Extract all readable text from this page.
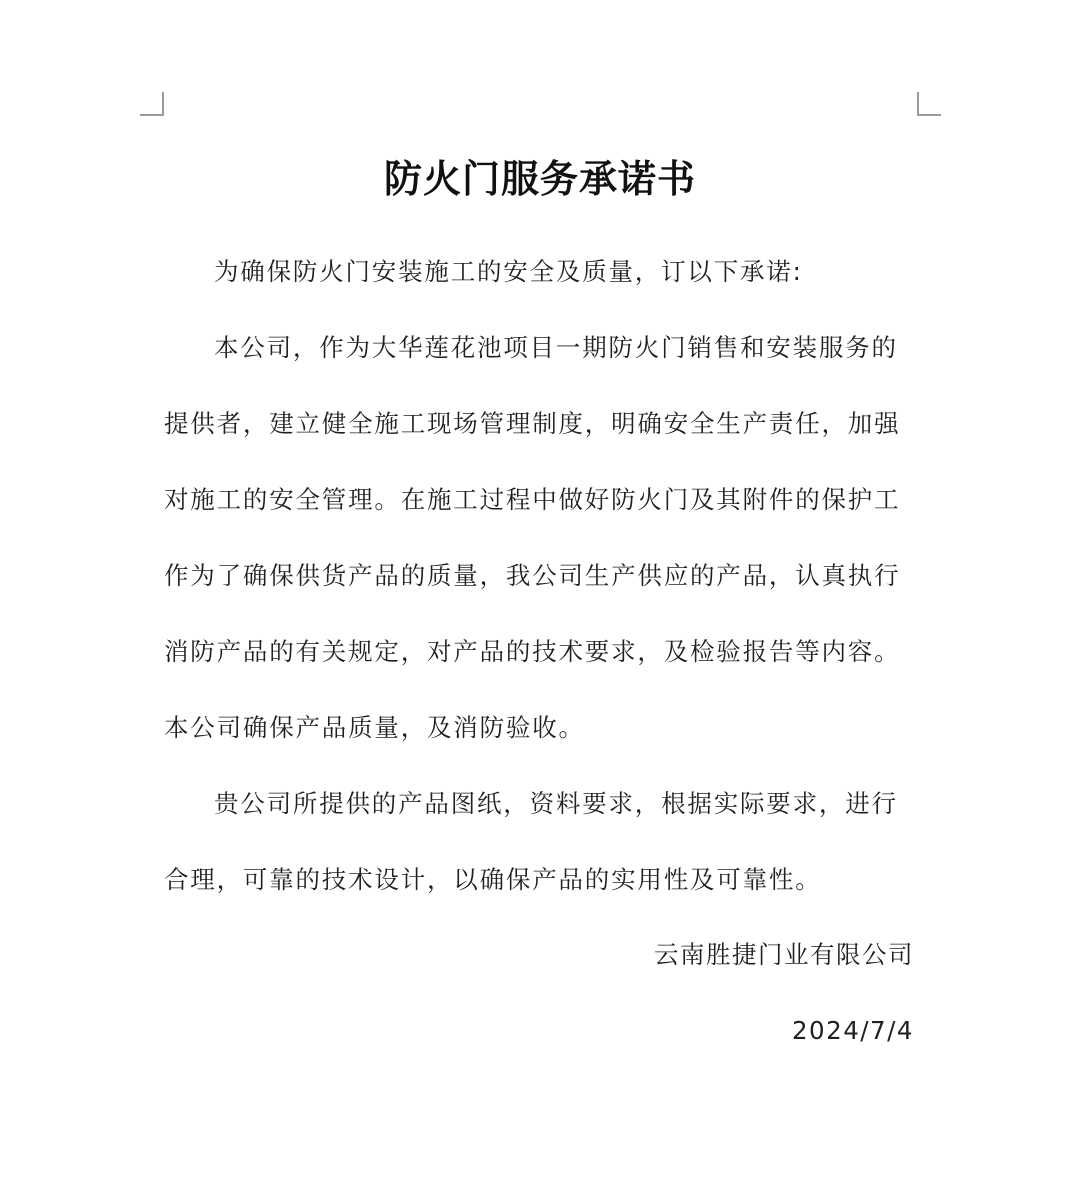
防火门服务承诺书
为确保防火门安装施工的安全及质量，订以下承诺:
本公司，作为大华莲花池项目一期防火门销售和安装服务的
提供者，建立健全施工现场管理制度，明确安全生产责任，加强
对施工的安全管理。在施工过程中做好防火门及其附件的保护工
作为了确保供货产品的质量，我公司生产供应的产品，认真执行
消防产品的有关规定，对产品的技术要求，及检验报告等内容。
本公司确保产品质量，及消防验收。
贵公司所提供的产品图纸，资料要求，根据实际要求，进行
合理，可靠的技术设计，以确保产品的实用性及可靠性。
云南胜捷门业有限公司
2024/7/4
